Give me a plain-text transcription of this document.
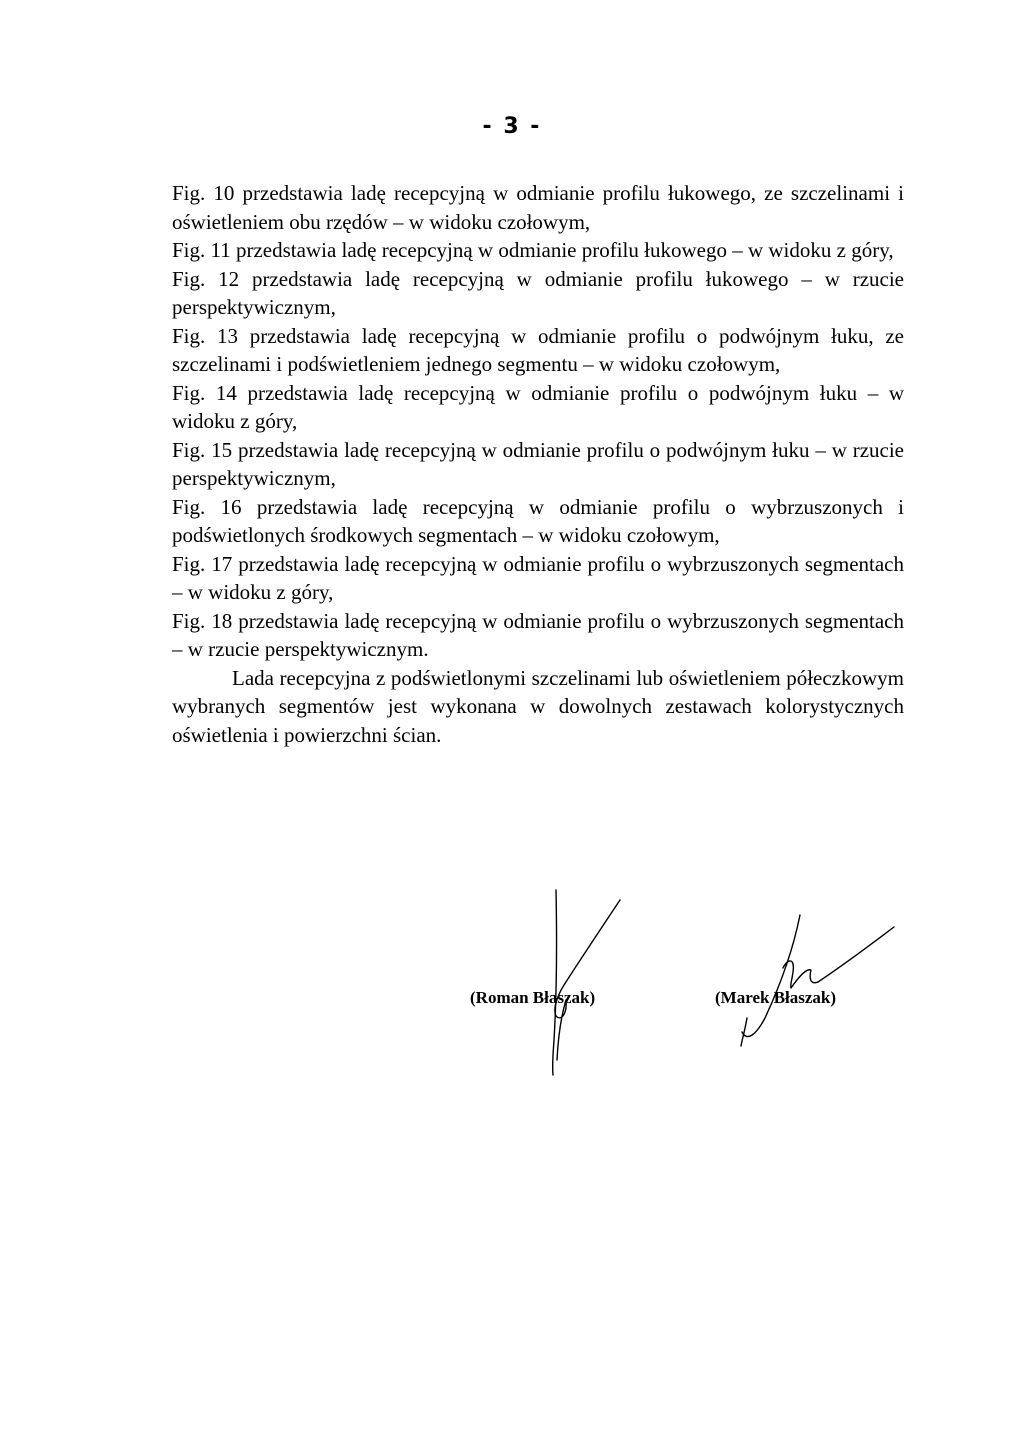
- 3 -

Fig. 10 przedstawia ladę recepcyjną w odmianie profilu łukowego, ze szczelinami i oświetleniem obu rzędów – w widoku czołowym,

Fig. 11 przedstawia ladę recepcyjną w odmianie profilu łukowego – w widoku z góry,

Fig. 12 przedstawia ladę recepcyjną w odmianie profilu łukowego – w rzucie perspektywicznym,

Fig. 13 przedstawia ladę recepcyjną w odmianie profilu o podwójnym łuku, ze szczelinami i podświetleniem jednego segmentu – w widoku czołowym,

Fig. 14 przedstawia ladę recepcyjną w odmianie profilu o podwójnym łuku – w widoku z góry,

Fig. 15 przedstawia ladę recepcyjną w odmianie profilu o podwójnym łuku – w rzucie perspektywicznym,

Fig. 16 przedstawia ladę recepcyjną w odmianie profilu o wybrzuszonych i podświetlonych środkowych segmentach – w widoku czołowym,

Fig. 17 przedstawia ladę recepcyjną w odmianie profilu o wybrzuszonych segmentach – w widoku z góry,

Fig. 18 przedstawia ladę recepcyjną w odmianie profilu o wybrzuszonych segmentach – w rzucie perspektywicznym.

Lada recepcyjna z podświetlonymi szczelinami lub oświetleniem półeczkowym wybranych segmentów jest wykonana w dowolnych zestawach kolorystycznych oświetlenia i powierzchni ścian.

(Roman Błaszak)	(Marek Błaszak)
